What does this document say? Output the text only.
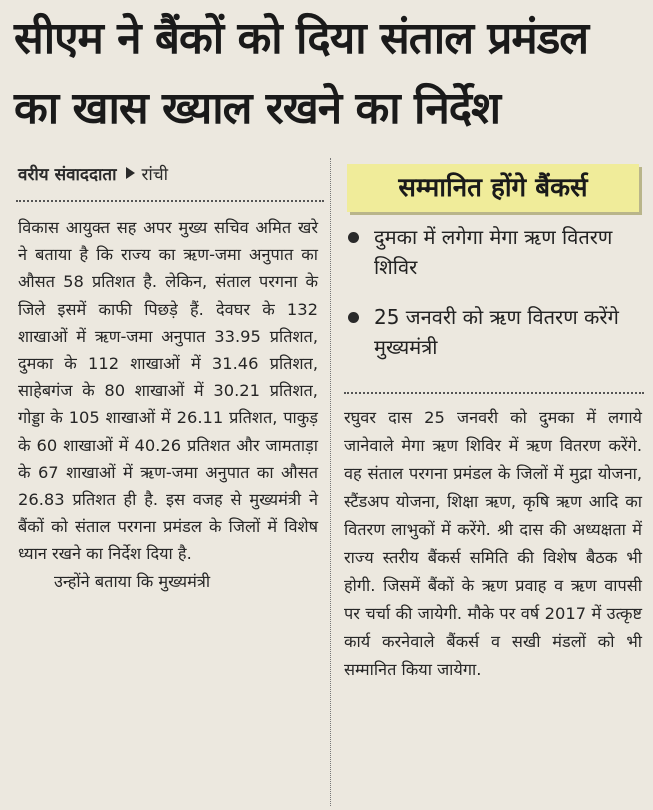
सीएम ने बैंकों को दिया संताल प्रमंडल
का खास ख्याल रखने का निर्देश
वरीय संवाददाता रांची

विकास आयुक्त सह अपर मुख्य सचिव अमित खरे ने बताया है कि राज्य का ऋण-जमा अनुपात का औसत 58 प्रतिशत है. लेकिन, संताल परगना के जिले इसमें काफी पिछड़े हैं. देवघर के 132 शाखाओं में ऋण-जमा अनुपात 33.95 प्रतिशत, दुमका के 112 शाखाओं में 31.46 प्रतिशत, साहेबगंज के 80 शाखाओं में 30.21 प्रतिशत, गोड्डा के 105 शाखाओं में 26.11 प्रतिशत, पाकुड़ के 60 शाखाओं में 40.26 प्रतिशत और जामताड़ा के 67 शाखाओं में ऋण-जमा अनुपात का औसत 26.83 प्रतिशत ही है. इस वजह से मुख्यमंत्री ने बैंकों को संताल परगना प्रमंडल के जिलों में विशेष ध्यान रखने का निर्देश दिया है.

उन्होंने बताया कि मुख्यमंत्री

सम्मानित होंगे बैंकर्स
दुमका में लगेगा मेगा ऋण वितरण शिविर
25 जनवरी को ऋण वितरण करेंगे मुख्यमंत्री

रघुवर दास 25 जनवरी को दुमका में लगाये जानेवाले मेगा ऋण शिविर में ऋण वितरण करेंगे. वह संताल परगना प्रमंडल के जिलों में मुद्रा योजना, स्टैंडअप योजना, शिक्षा ऋण, कृषि ऋण आदि का वितरण लाभुकों में करेंगे. श्री दास की अध्यक्षता में राज्य स्तरीय बैंकर्स समिति की विशेष बैठक भी होगी. जिसमें बैंकों के ऋण प्रवाह व ऋण वापसी पर चर्चा की जायेगी. मौके पर वर्ष 2017 में उत्कृष्ट कार्य करनेवाले बैंकर्स व सखी मंडलों को भी सम्मानित किया जायेगा.
